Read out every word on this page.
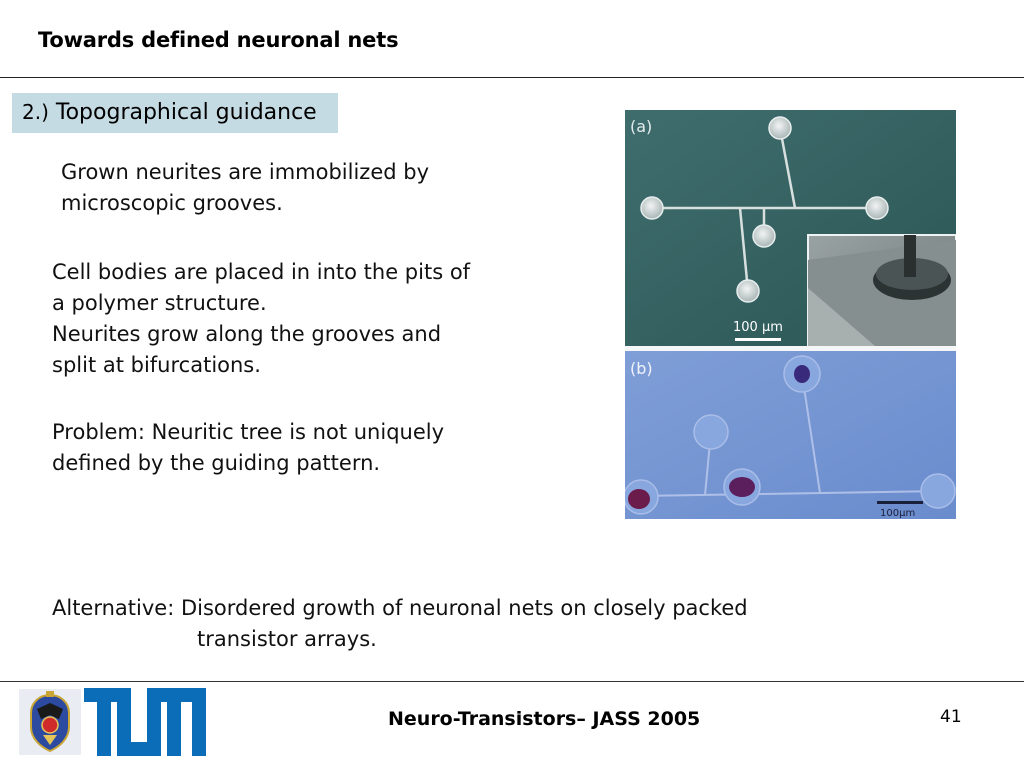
Towards defined neuronal nets
2.) Topographical guidance
Grown neurites are immobilized by
microscopic grooves.
Cell bodies are placed in into the pits of
a polymer structure.
Neurites grow along the grooves and
split at bifurcations.
Problem: Neuritic tree is not uniquely
defined by the guiding pattern.

Alternative: Disordered growth of neuronal nets on closely packed

transistor arrays.

(a)
100 µm
(b)
100µm
Neuro-Transistors– JASS 2005	41
